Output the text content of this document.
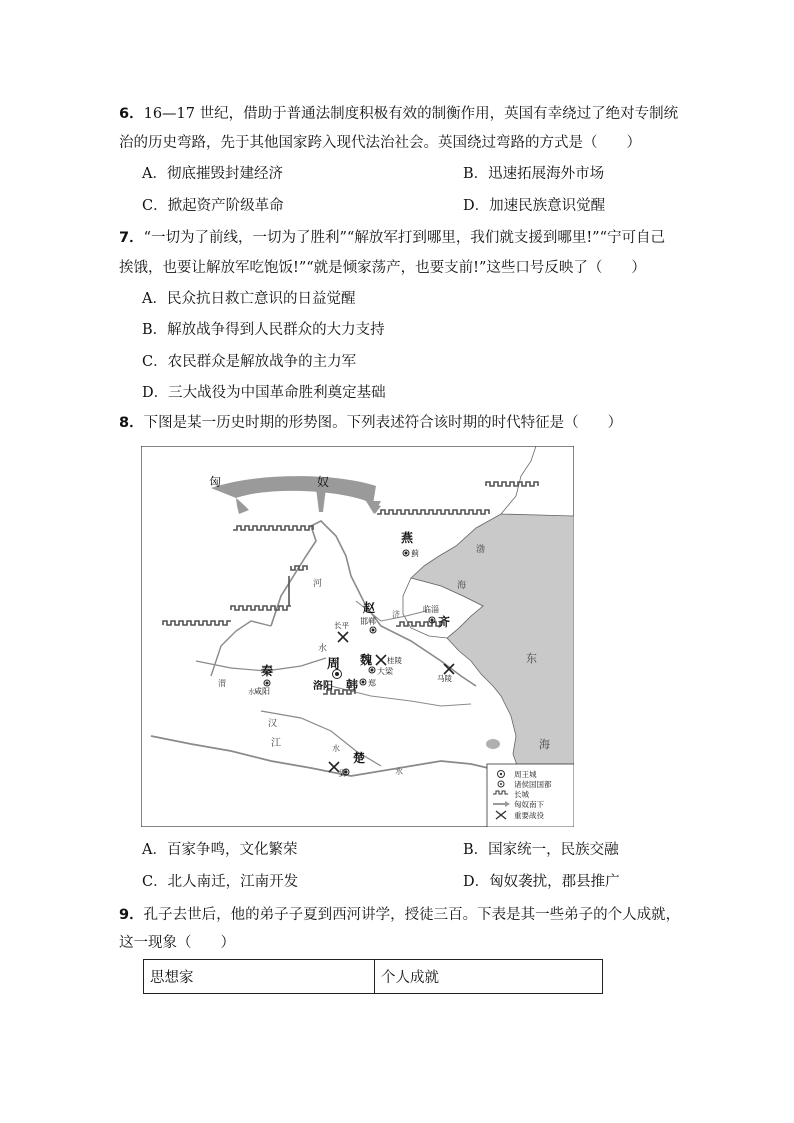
6．16—17 世纪，借助于普通法制度积极有效的制衡作用，英国有幸绕过了绝对专制统
治的历史弯路，先于其他国家跨入现代法治社会。英国绕过弯路的方式是（　　）
A．彻底摧毁封建经济	B．迅速拓展海外市场
C．掀起资产阶级革命	D．加速民族意识觉醒
7．“一切为了前线，一切为了胜利”“解放军打到哪里，我们就支援到哪里!”“宁可自己
挨饿，也要让解放军吃饱饭!”“就是倾家荡产，也要支前!”这些口号反映了（　　）
A．民众抗日救亡意识的日益觉醒
B．解放战争得到人民群众的大力支持
C．农民群众是解放战争的主力军
D．三大战役为中国革命胜利奠定基础
8．下图是某一历史时期的形势图。下列表述符合该时期的时代特征是（　　）
周王城
诸侯国国都
长城
匈奴南下
重要战役
匈	奴
燕
蓟	渤
海
赵
邯郸
长平
临淄
齐
济
河
水
周
洛阳
魏 桂陵
大梁
韩 郑
马陵
秦
咸阳
渭
水
汉
江	水
水
楚
郢
东
海
A．百家争鸣，文化繁荣	B．国家统一，民族交融
C．北人南迁，江南开发	D．匈奴袭扰，郡县推广
9．孔子去世后，他的弟子子夏到西河讲学，授徒三百。下表是其一些弟子的个人成就，
这一现象（　　）
思想家	个人成就
